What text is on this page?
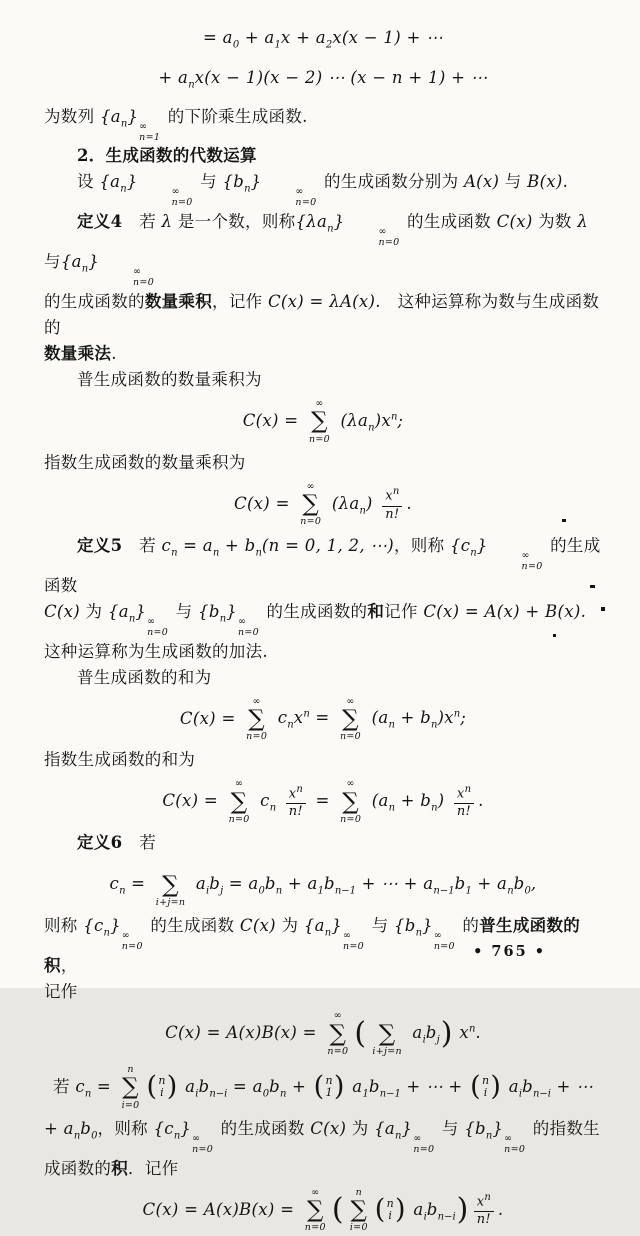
= $a_0 + a_1x + a_2x(x - 1)$ + ⋯
+ $a_nx(x - 1)(x - 2)$ ⋯ (x − n + 1) + ⋯
为数列 $\{a_n\}$
∞
n=1
的下阶乘生成函数.
2．生成函数的代数运算
设 $\{a_n\}$
∞
n=0
与 $\{b_n\}$
∞
n=0
的生成函数分别为 A(x) 与 B(x).
定义4　若 λ 是一个数，则称$\{\lambda a_n\}$
∞
n=0
的生成函数 C(x) 为数 λ 与$\{a_n\}$
∞
n=0
的生成函数的数量乘积，记作 C(x) = λA(x).　这种运算称为数与生成函数的
数量乘法.
普生成函数的数量乘积为
C(x) =
∞
∑
n=0
$(\lambda a_n)x^n$;
指数生成函数的数量乘积为
C(x) =
∞
∑
n=0
$(\lambda a_n) \frac{x^n}{n!}$ .
定义5　若 $c_n = a_n + b_n(n = 0$, 1, 2, ⋯)，则称 $\{c_n\}$
∞
n=0
的生成函数
C(x) 为 $\{a_n\}$
∞
n=0
与 $\{b_n\}$
∞
n=0
的生成函数的和记作 C(x) = A(x) + B(x).
这种运算称为生成函数的加法.
普生成函数的和为
C(x) =
∞
∑
n=0
$c_nx^n$ =
∞
∑
n=0
$(a_n + b_n)x^n$;
指数生成函数的和为
C(x) =
∞
∑
n=0
$c_n \frac{x^n}{n!}$ =
∞
∑
n=0
$(a_n + b_n) \frac{x^n}{n!}$ .
定义6　若
$c_n$ =
∑
i+j=n
$a_ib_j = a_0b_n + a_1b_{n-1}$ + ⋯ + $a_{n-1}b_1 + a_nb_0$,
则称 $\{c_n\}$
∞
n=0
的生成函数 C(x) 为 $\{a_n\}$
∞
n=0
与 $\{b_n\}$
∞
n=0
的普生成函数的积，
记作
C(x) = A(x)B(x) =
∞
∑
n=0
(
∑
i+j=n
$a_ib_j$) $x^n$.
若 $c_n$ =
n
∑
i=0
( n
i ) $a_ib_{n-i} = a_0b_n$ + ( n
1 ) $a_1b_{n-1}$ + ⋯ + ( n
i ) $a_ib_{n-i}$ + ⋯
+ $a_nb_0$，则称 $\{c_n\}$
∞
n=0
的生成函数 C(x) 为 $\{a_n\}$
∞
n=0
与 $\{b_n\}$
∞
n=0
的指数生
成函数的积．记作
C(x) = A(x)B(x) =
∞
∑
n=0
( n
∑
i=0
( n
i ) $a_ib_{n-i}) \frac{x^n}{n!}$ .
• 765 •
